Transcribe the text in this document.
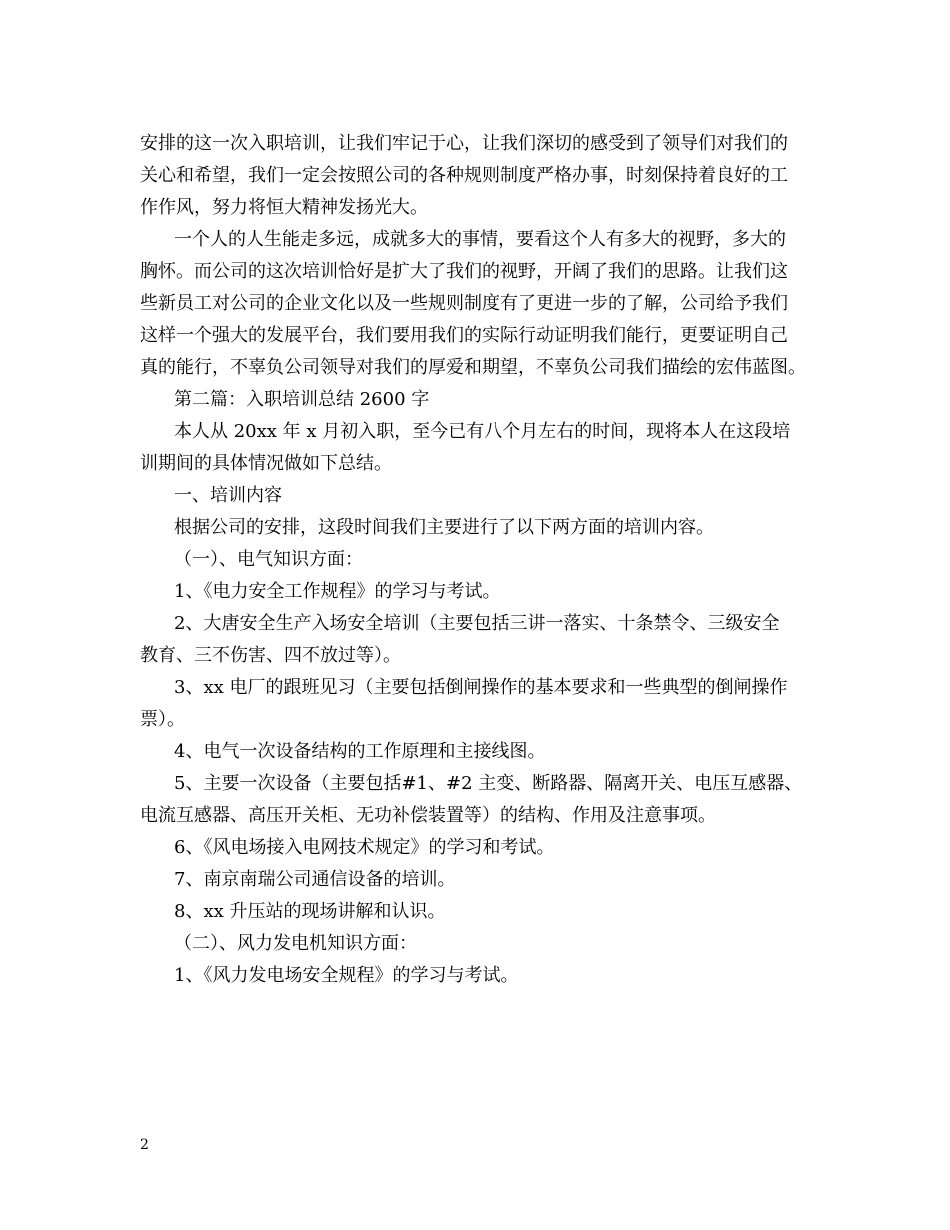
安排的这一次入职培训，让我们牢记于心，让我们深切的感受到了领导们对我们的
关心和希望，我们一定会按照公司的各种规则制度严格办事，时刻保持着良好的工
作作风，努力将恒大精神发扬光大。
一个人的人生能走多远，成就多大的事情，要看这个人有多大的视野，多大的
胸怀。而公司的这次培训恰好是扩大了我们的视野，开阔了我们的思路。让我们这
些新员工对公司的企业文化以及一些规则制度有了更进一步的了解，公司给予我们
这样一个强大的发展平台，我们要用我们的实际行动证明我们能行，更要证明自己
真的能行，不辜负公司领导对我们的厚爱和期望，不辜负公司我们描绘的宏伟蓝图。
第二篇：入职培训总结 2600 字
本人从 20xx 年 x 月初入职，至今已有八个月左右的时间，现将本人在这段培
训期间的具体情况做如下总结。
一、培训内容
根据公司的安排，这段时间我们主要进行了以下两方面的培训内容。
（一）、电气知识方面：
1、《电力安全工作规程》的学习与考试。
2、大唐安全生产入场安全培训（主要包括三讲一落实、十条禁令、三级安全
教育、三不伤害、四不放过等）。
3、xx 电厂的跟班见习（主要包括倒闸操作的基本要求和一些典型的倒闸操作
票）。
4、电气一次设备结构的工作原理和主接线图。
5、主要一次设备（主要包括#1、#2 主变、断路器、隔离开关、电压互感器、
电流互感器、高压开关柜、无功补偿装置等）的结构、作用及注意事项。
6、《风电场接入电网技术规定》的学习和考试。
7、南京南瑞公司通信设备的培训。
8、xx 升压站的现场讲解和认识。
（二）、风力发电机知识方面：
1、《风力发电场安全规程》的学习与考试。
2
